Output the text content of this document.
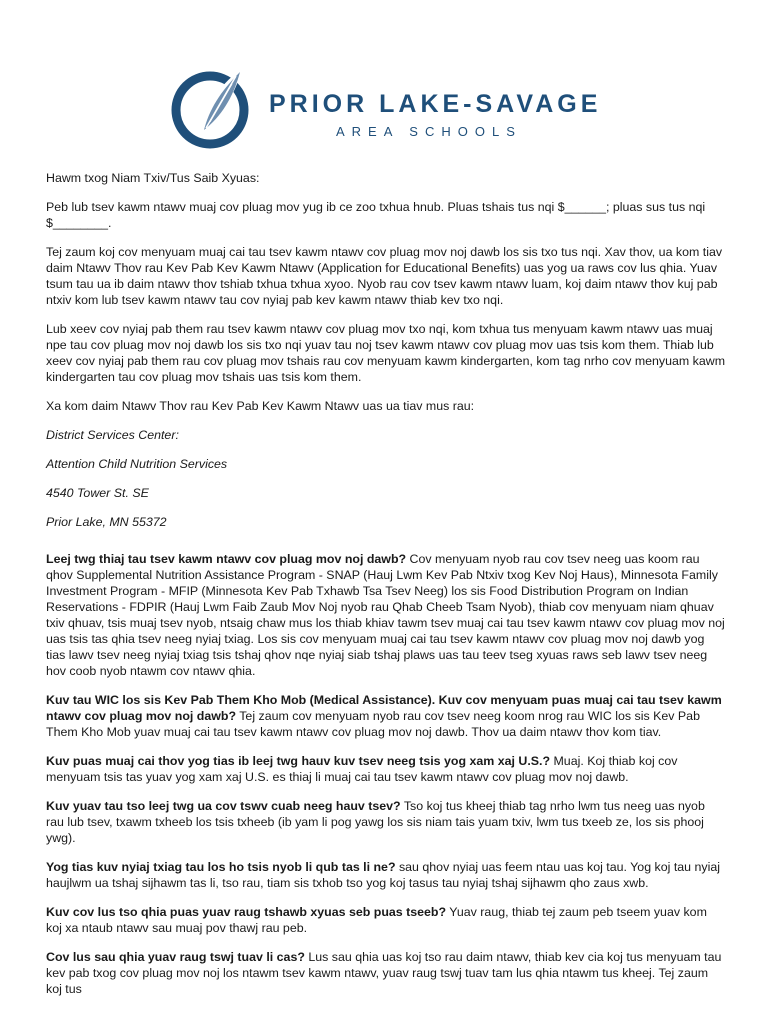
PRIOR LAKE-SAVAGE
AREA SCHOOLS

Hawm txog Niam Txiv/Tus Saib Xyuas:

Peb lub tsev kawm ntawv muaj cov pluag mov yug ib ce zoo txhua hnub. Pluas tshais tus nqi $______; pluas sus tus nqi $________.

Tej zaum koj cov menyuam muaj cai tau tsev kawm ntawv cov pluag mov noj dawb los sis txo tus nqi. Xav thov, ua kom tiav daim Ntawv Thov rau Kev Pab Kev Kawm Ntawv (Application for Educational Benefits) uas yog ua raws cov lus qhia. Yuav tsum tau ua ib daim ntawv thov tshiab txhua txhua xyoo. Nyob rau cov tsev kawm ntawv luam, koj daim ntawv thov kuj pab ntxiv kom lub tsev kawm ntawv tau cov nyiaj pab kev kawm ntawv thiab kev txo nqi.

Lub xeev cov nyiaj pab them rau tsev kawm ntawv cov pluag mov txo nqi, kom txhua tus menyuam kawm ntawv uas muaj npe tau cov pluag mov noj dawb los sis txo nqi yuav tau noj tsev kawm ntawv cov pluag mov uas tsis kom them. Thiab lub xeev cov nyiaj pab them rau cov pluag mov tshais rau cov menyuam kawm kindergarten, kom tag nrho cov menyuam kawm kindergarten tau cov pluag mov tshais uas tsis kom them.

Xa kom daim Ntawv Thov rau Kev Pab Kev Kawm Ntawv uas ua tiav mus rau:

District Services Center:

Attention Child Nutrition Services

4540 Tower St. SE

Prior Lake, MN 55372

Leej twg thiaj tau tsev kawm ntawv cov pluag mov noj dawb? Cov menyuam nyob rau cov tsev neeg uas koom rau qhov Supplemental Nutrition Assistance Program - SNAP (Hauj Lwm Kev Pab Ntxiv txog Kev Noj Haus), Minnesota Family Investment Program - MFIP (Minnesota Kev Pab Txhawb Tsa Tsev Neeg) los sis Food Distribution Program on Indian Reservations - FDPIR (Hauj Lwm Faib Zaub Mov Noj nyob rau Qhab Cheeb Tsam Nyob), thiab cov menyuam niam qhuav txiv qhuav, tsis muaj tsev nyob, ntsaig chaw mus los thiab khiav tawm tsev muaj cai tau tsev kawm ntawv cov pluag mov noj uas tsis tas qhia tsev neeg nyiaj txiag. Los sis cov menyuam muaj cai tau tsev kawm ntawv cov pluag mov noj dawb yog tias lawv tsev neeg nyiaj txiag tsis tshaj qhov nqe nyiaj siab tshaj plaws uas tau teev tseg xyuas raws seb lawv tsev neeg hov coob nyob ntawm cov ntawv qhia.

Kuv tau WIC los sis Kev Pab Them Kho Mob (Medical Assistance). Kuv cov menyuam puas muaj cai tau tsev kawm ntawv cov pluag mov noj dawb? Tej zaum cov menyuam nyob rau cov tsev neeg koom nrog rau WIC los sis Kev Pab Them Kho Mob yuav muaj cai tau tsev kawm ntawv cov pluag mov noj dawb. Thov ua daim ntawv thov kom tiav.

Kuv puas muaj cai thov yog tias ib leej twg hauv kuv tsev neeg tsis yog xam xaj U.S.? Muaj. Koj thiab koj cov menyuam tsis tas yuav yog xam xaj U.S. es thiaj li muaj cai tau tsev kawm ntawv cov pluag mov noj dawb.

Kuv yuav tau tso leej twg ua cov tswv cuab neeg hauv tsev? Tso koj tus kheej thiab tag nrho lwm tus neeg uas nyob rau lub tsev, txawm txheeb los tsis txheeb (ib yam li pog yawg los sis niam tais yuam txiv, lwm tus txeeb ze, los sis phooj ywg).

Yog tias kuv nyiaj txiag tau los ho tsis nyob li qub tas li ne? sau qhov nyiaj uas feem ntau uas koj tau. Yog koj tau nyiaj haujlwm ua tshaj sijhawm tas li, tso rau, tiam sis txhob tso yog koj tasus tau nyiaj tshaj sijhawm qho zaus xwb.

Kuv cov lus tso qhia puas yuav raug tshawb xyuas seb puas tseeb? Yuav raug, thiab tej zaum peb tseem yuav kom koj xa ntaub ntawv sau muaj pov thawj rau peb.

Cov lus sau qhia yuav raug tswj tuav li cas? Lus sau qhia uas koj tso rau daim ntawv, thiab kev cia koj tus menyuam tau kev pab txog cov pluag mov noj los ntawm tsev kawm ntawv, yuav raug tswj tuav tam lus qhia ntawm tus kheej. Tej zaum koj tus
